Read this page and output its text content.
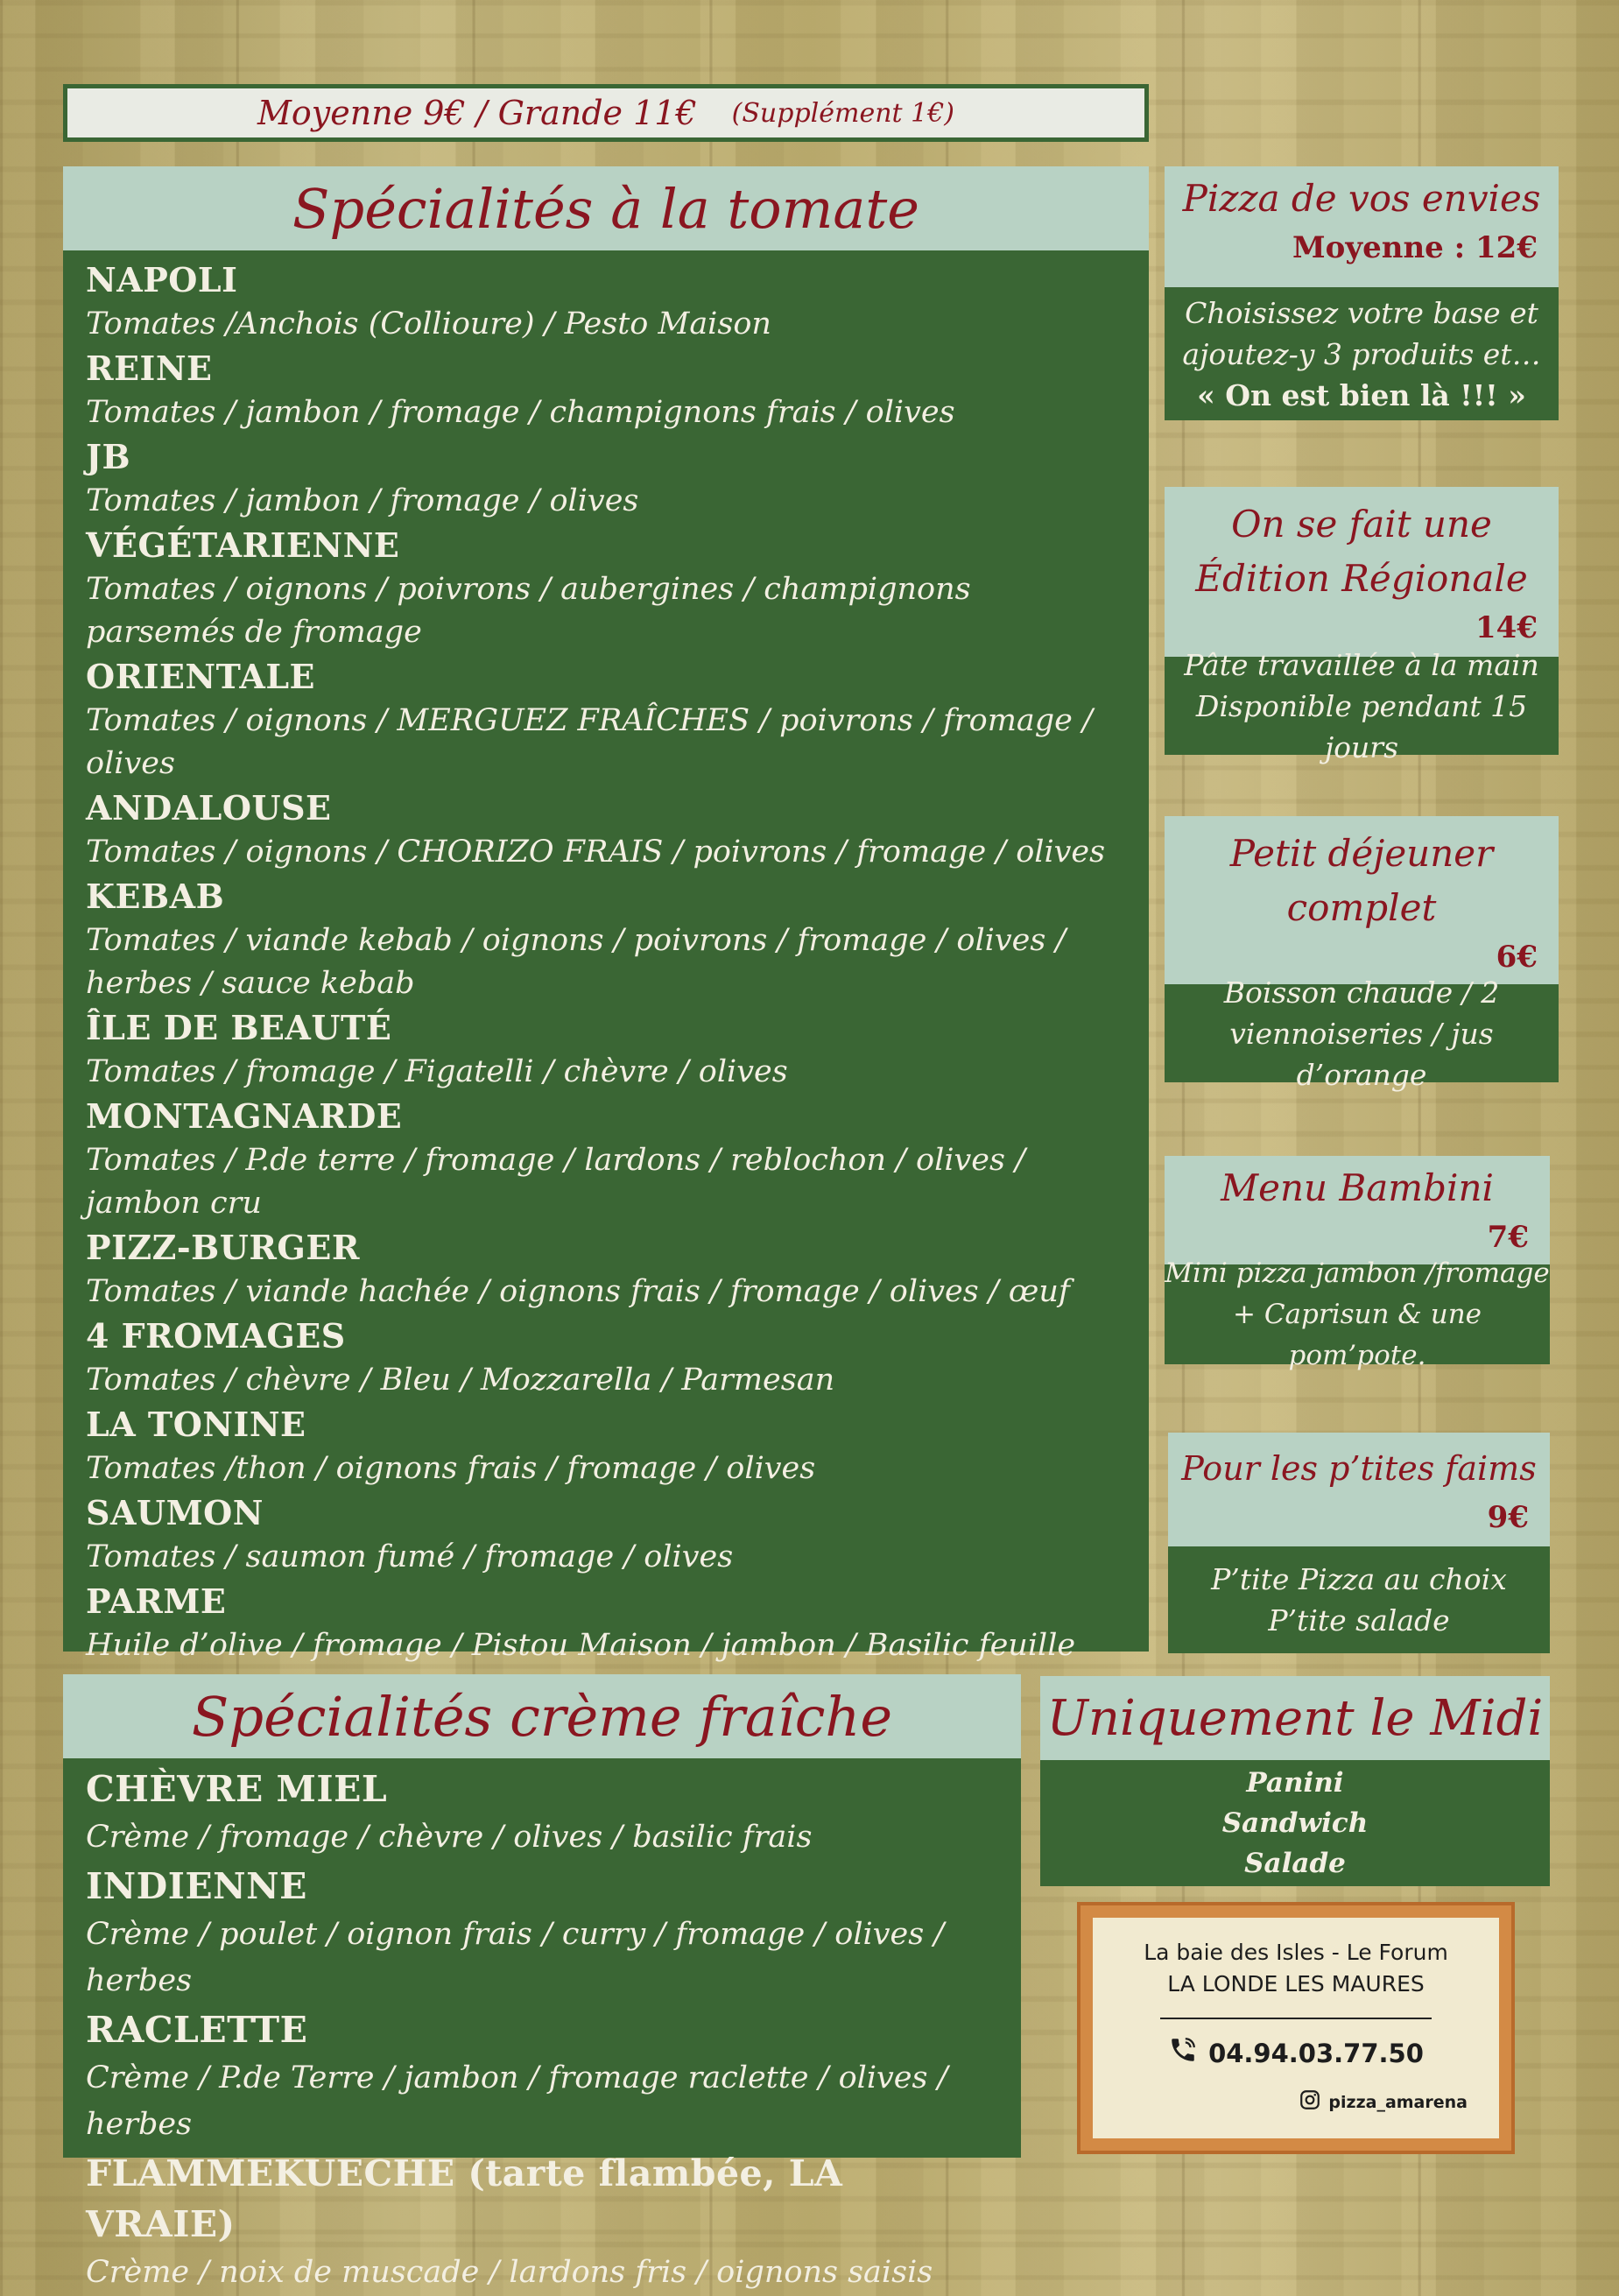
Moyenne 9€ / Grande 11€ (Supplément 1€)
Spécialités à la tomate
NAPOLI
Tomates /Anchois (Collioure) / Pesto Maison
REINE
Tomates / jambon / fromage / champignons frais / olives
JB
Tomates / jambon / fromage / olives
VÉGÉTARIENNE
Tomates / oignons / poivrons / aubergines / champignons parsemés de fromage
ORIENTALE
Tomates / oignons / MERGUEZ FRAÎCHES / poivrons / fromage / olives
ANDALOUSE
Tomates / oignons / CHORIZO FRAIS / poivrons / fromage / olives
KEBAB
Tomates / viande kebab / oignons / poivrons / fromage / olives / herbes / sauce kebab
ÎLE DE BEAUTÉ
Tomates / fromage / Figatelli / chèvre / olives
MONTAGNARDE
Tomates / P.de terre / fromage / lardons / reblochon / olives / jambon cru
PIZZ-BURGER
Tomates / viande hachée / oignons frais / fromage / olives / œuf
4 FROMAGES
Tomates / chèvre / Bleu / Mozzarella / Parmesan
LA TONINE
Tomates /thon / oignons frais / fromage / olives
SAUMON
Tomates / saumon fumé / fromage / olives
PARME
Huile d’olive / fromage / Pistou Maison / jambon / Basilic feuille
Pizza de vos envies
Moyenne : 12€
Choisissez votre base et
ajoutez-y 3 produits et…
« On est bien là !!! »
On se fait une
Édition Régionale
14€
Pâte travaillée à la main
Disponible pendant 15 jours
Petit déjeuner
complet
6€
Boisson chaude / 2
viennoiseries / jus d’orange
Menu Bambini
7€
Mini pizza jambon /fromage
+ Caprisun & une pom’pote.
Pour les p’tites faims
9€
P’tite Pizza au choix
P’tite salade
Spécialités crème fraîche
CHÈVRE MIEL
Crème / fromage / chèvre / olives / basilic frais
INDIENNE
Crème / poulet / oignon frais / curry / fromage / olives / herbes
RACLETTE
Crème / P.de Terre / jambon / fromage raclette / olives / herbes
FLAMMEKUECHE (tarte flambée, LA VRAIE)
Crème / noix de muscade / lardons fris / oignons saisis
Uniquement le Midi
Panini
Sandwich
Salade
La baie des Isles - Le Forum
LA LONDE LES MAURES
04.94.03.77.50
pizza_amarena
